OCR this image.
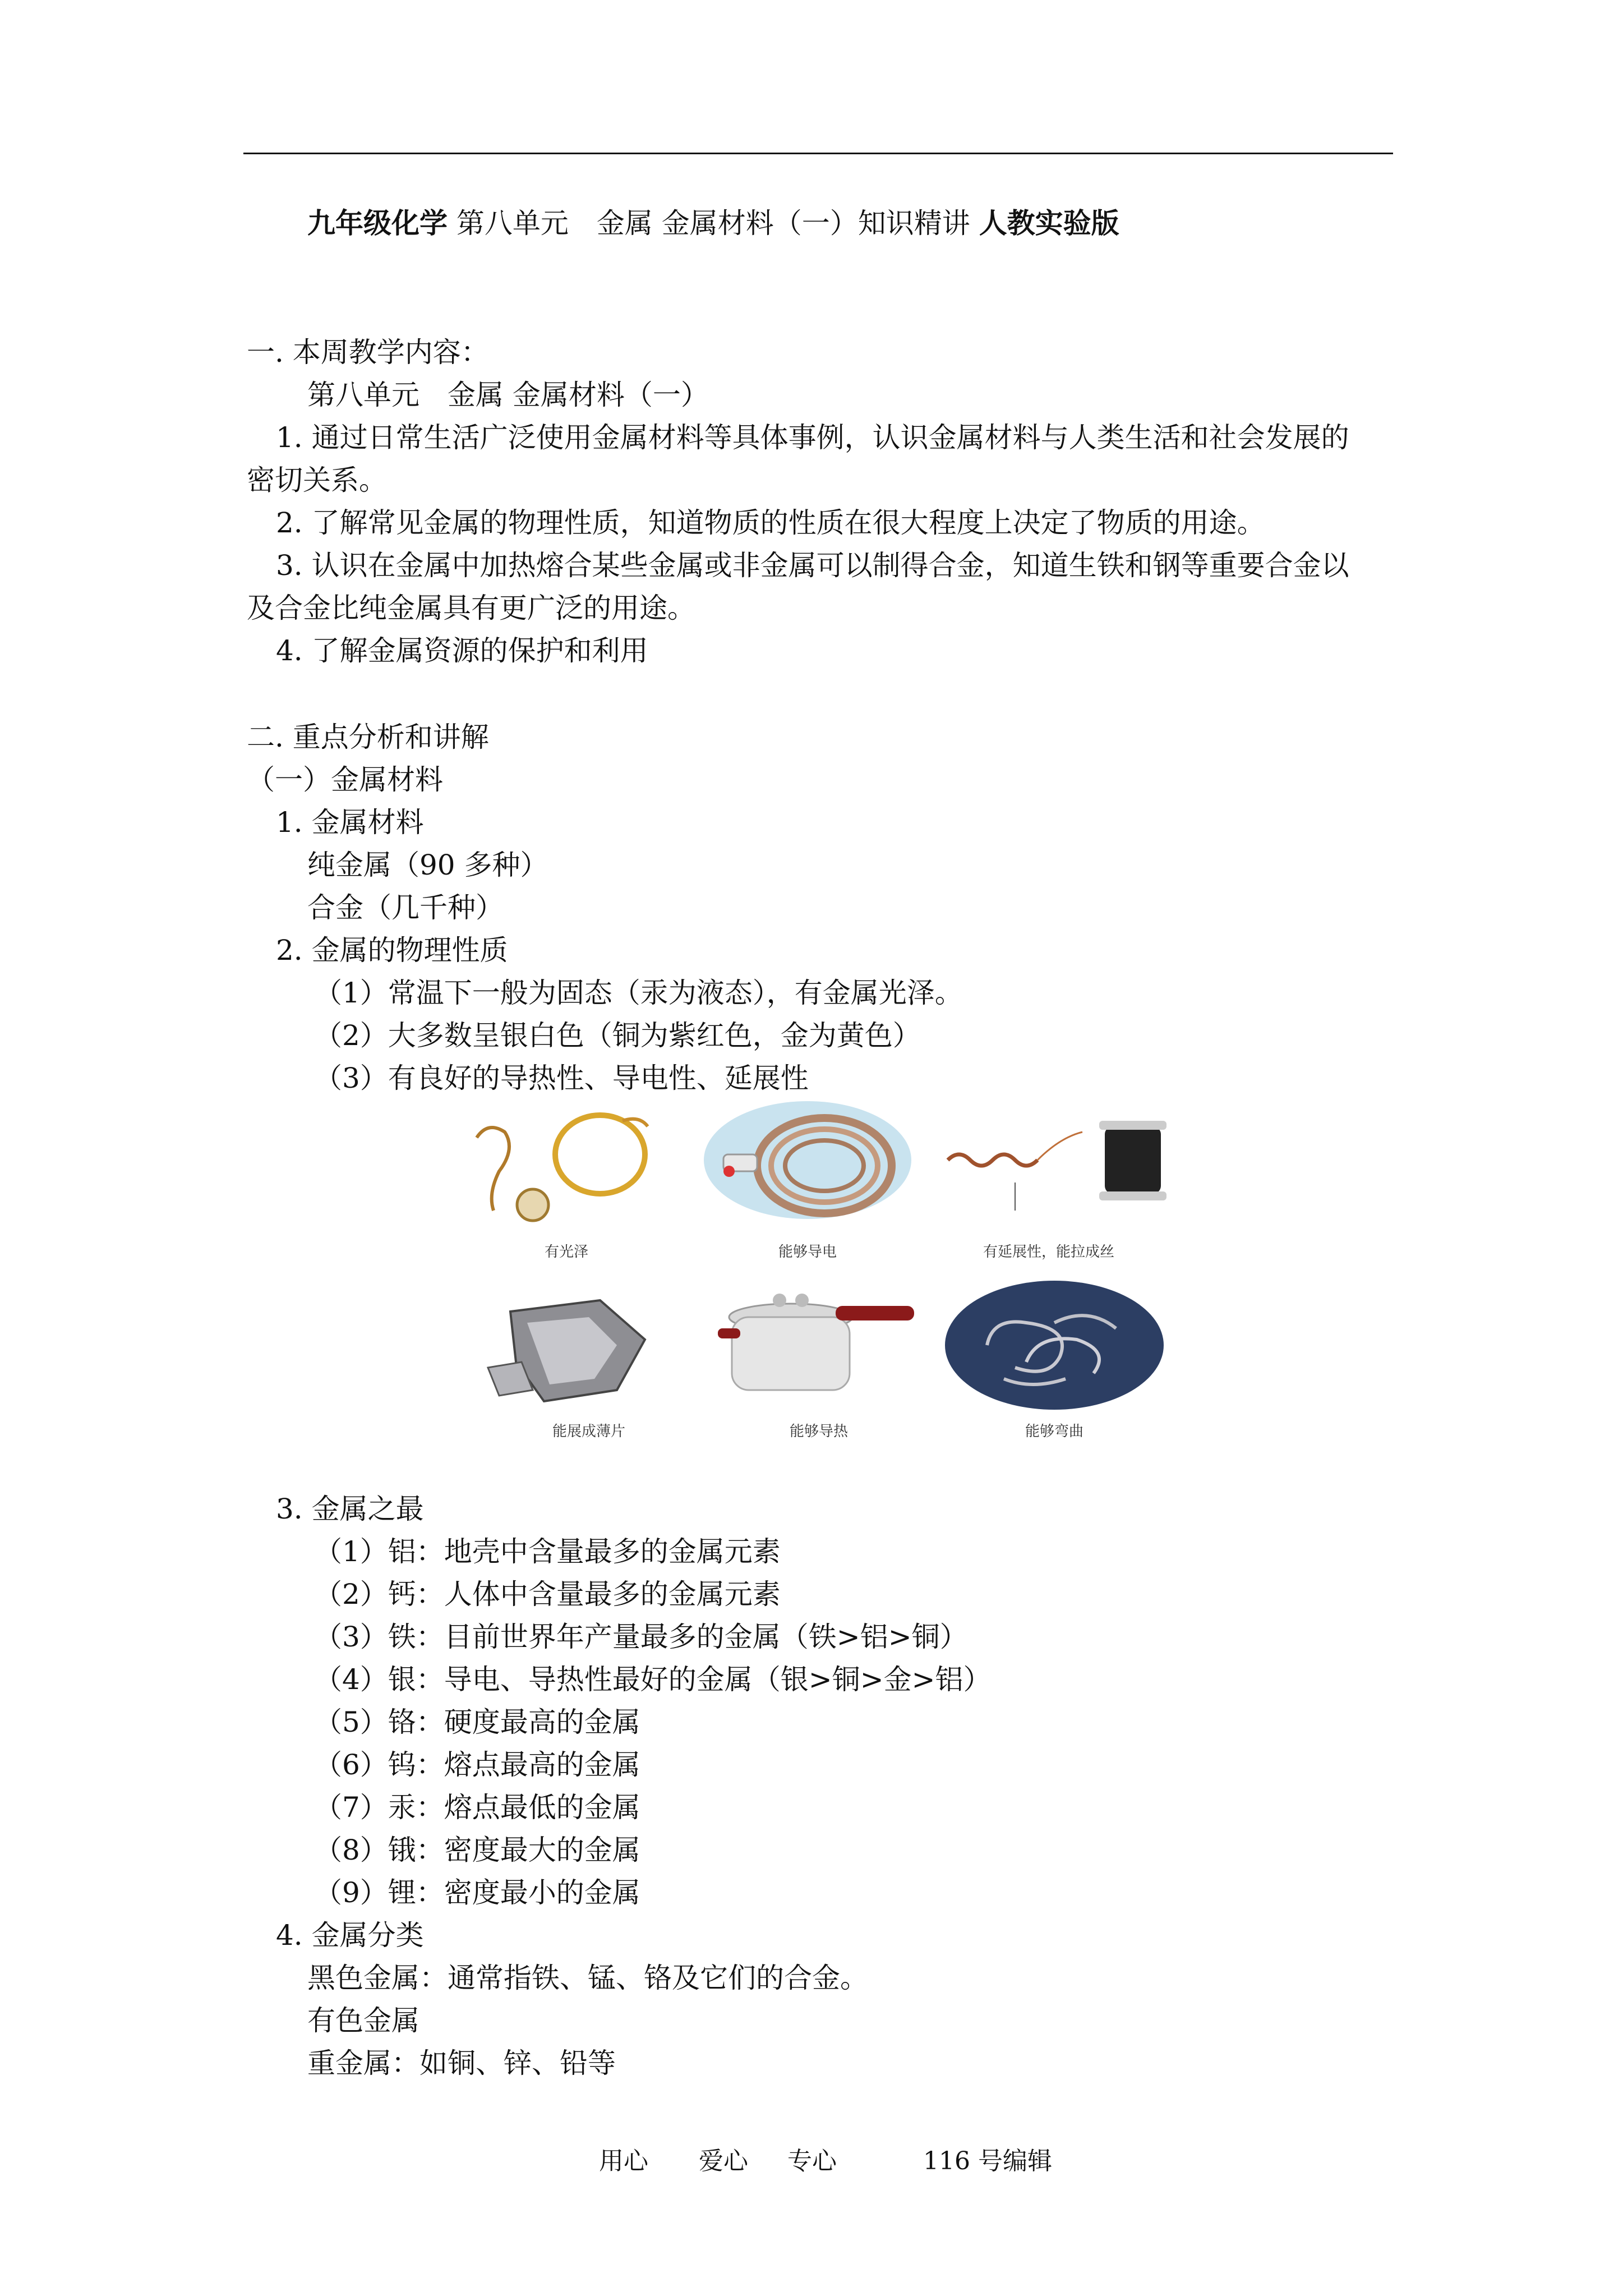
九年级化学 第八单元　金属 金属材料（一）知识精讲 人教实验版
一. 本周教学内容：
第八单元　金属 金属材料（一）
1. 通过日常生活广泛使用金属材料等具体事例，认识金属材料与人类生活和社会发展的
密切关系。
2. 了解常见金属的物理性质，知道物质的性质在很大程度上决定了物质的用途。
3. 认识在金属中加热熔合某些金属或非金属可以制得合金，知道生铁和钢等重要合金以
及合金比纯金属具有更广泛的用途。
4. 了解金属资源的保护和利用
二. 重点分析和讲解
（一）金属材料
1. 金属材料
纯金属（90 多种）
合金（几千种）
2. 金属的物理性质
（1）常温下一般为固态（汞为液态），有金属光泽。
（2）大多数呈银白色（铜为紫红色，金为黄色）
（3）有良好的导热性、导电性、延展性
有光泽	能够导电	有延展性，能拉成丝
能展成薄片	能够导热	能够弯曲
3. 金属之最
（1）铝：地壳中含量最多的金属元素
（2）钙：人体中含量最多的金属元素
（3）铁：目前世界年产量最多的金属（铁>铝>铜）
（4）银：导电、导热性最好的金属（银>铜>金>铝）
（5）铬：硬度最高的金属
（6）钨：熔点最高的金属
（7）汞：熔点最低的金属
（8）锇：密度最大的金属
（9）锂：密度最小的金属
4. 金属分类
黑色金属：通常指铁、锰、铬及它们的合金。
有色金属
重金属：如铜、锌、铅等
用心 爱心 专心	116 号编辑
